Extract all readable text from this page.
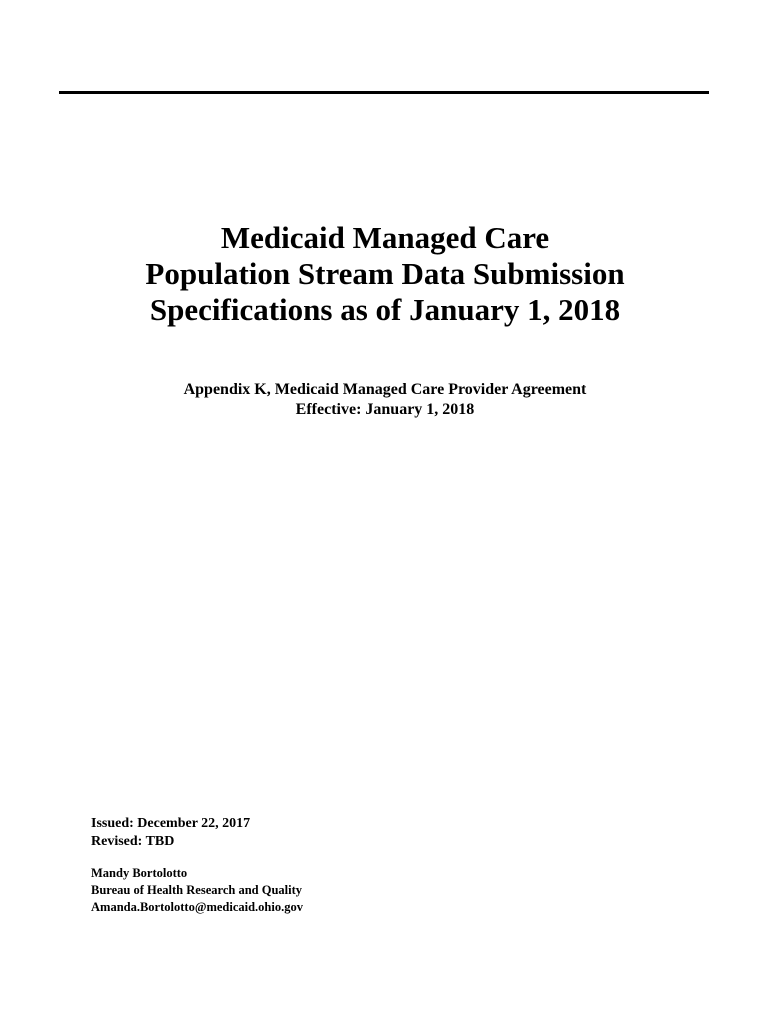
Medicaid Managed Care
Population Stream Data Submission
Specifications as of January 1, 2018
Appendix K, Medicaid Managed Care Provider Agreement
Effective: January 1, 2018
Issued: December 22, 2017
Revised: TBD
Mandy Bortolotto
Bureau of Health Research and Quality
Amanda.Bortolotto@medicaid.ohio.gov
